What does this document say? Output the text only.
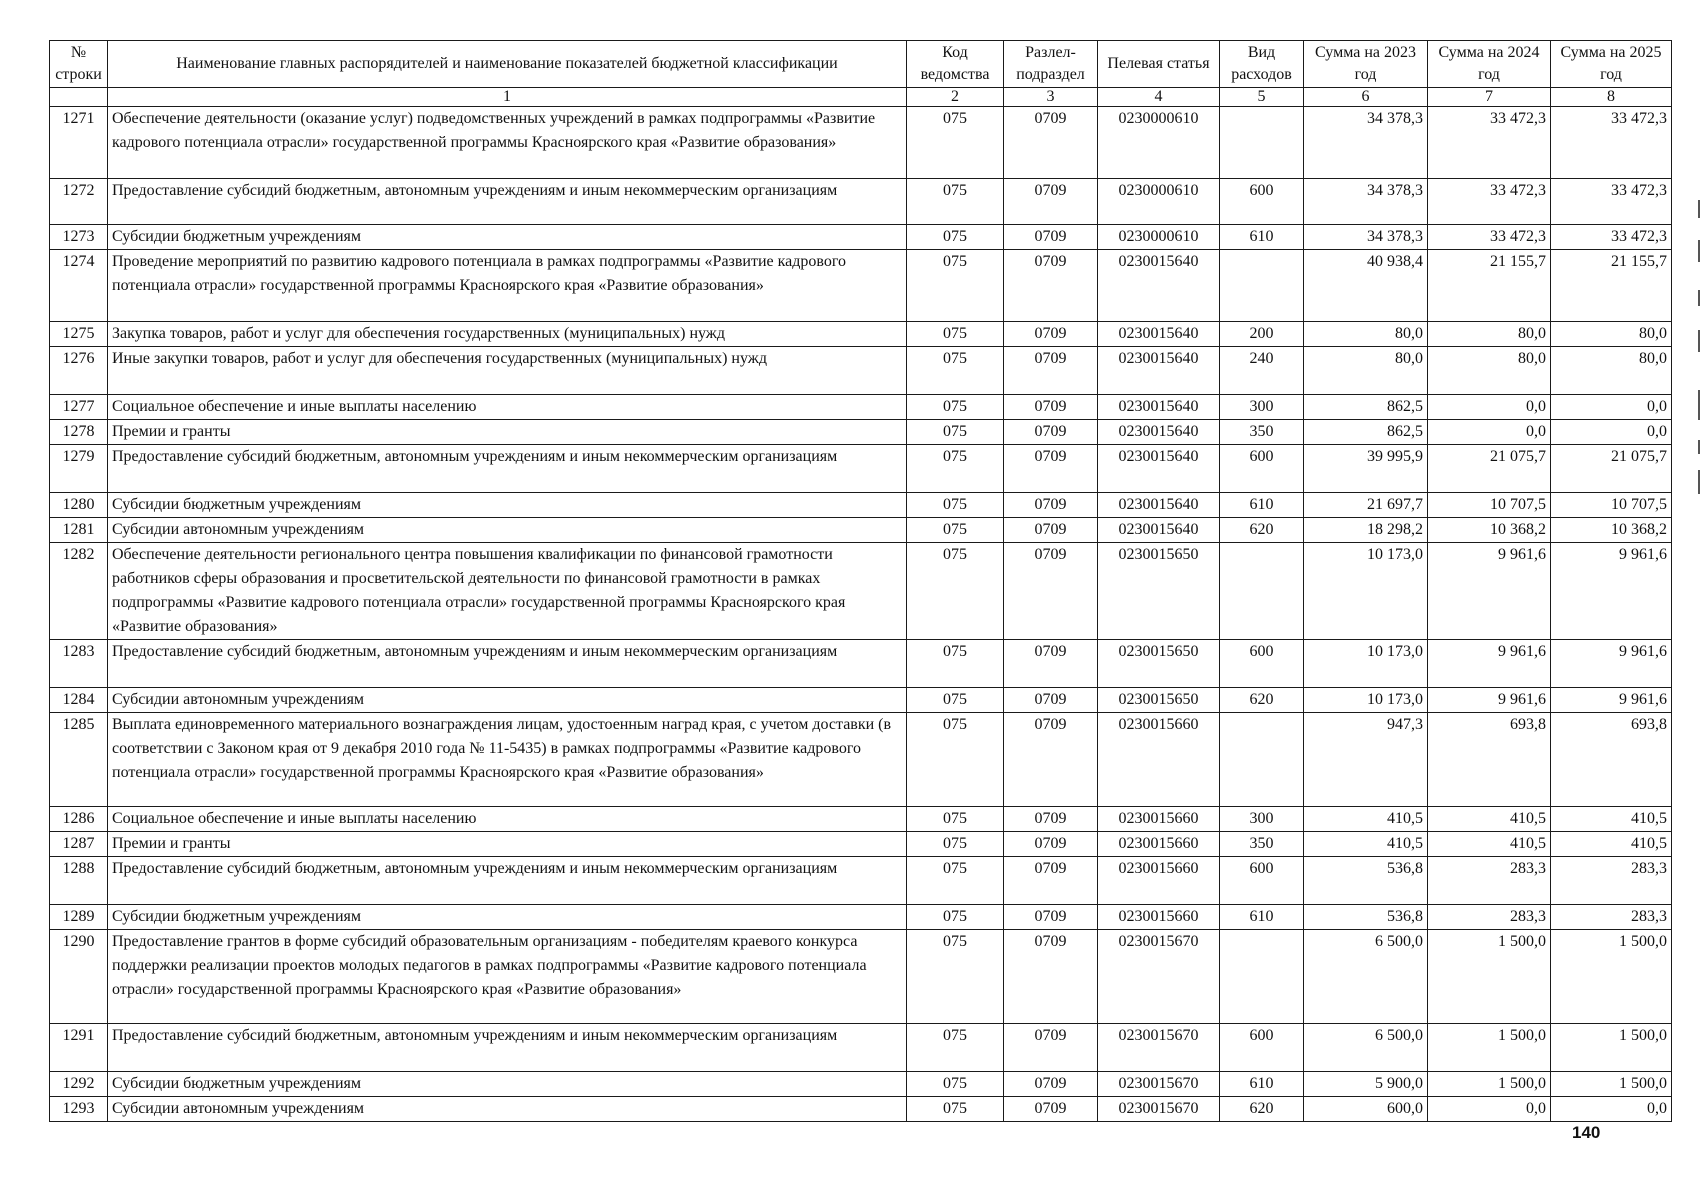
№ строки	Наименование главных распорядителей и наименование показателей бюджетной классификации	Код ведомства	Разлел- подраздел	Пелевая статья	Вид расходов	Сумма на 2023 год	Сумма на 2024 год	Сумма на 2025 год
	1	2	3	4	5	6	7	8
1271	Обеспечение деятельности (оказание услуг) подведомственных учреждений в рамках подпрограммы «Развитие кадрового потенциала отрасли» государственной программы Красноярского края «Развитие образования»	075	0709	0230000610		34 378,3	33 472,3	33 472,3
1272	Предоставление субсидий бюджетным, автономным учреждениям и иным некоммерческим организациям	075	0709	0230000610	600	34 378,3	33 472,3	33 472,3
1273	Субсидии бюджетным учреждениям	075	0709	0230000610	610	34 378,3	33 472,3	33 472,3
1274	Проведение мероприятий по развитию кадрового потенциала в рамках подпрограммы «Развитие кадрового потенциала отрасли» государственной программы Красноярского края «Развитие образования»	075	0709	0230015640		40 938,4	21 155,7	21 155,7
1275	Закупка товаров, работ и услуг для обеспечения государственных (муниципальных) нужд	075	0709	0230015640	200	80,0	80,0	80,0
1276	Иные закупки товаров, работ и услуг для обеспечения государственных (муниципальных) нужд	075	0709	0230015640	240	80,0	80,0	80,0
1277	Социальное обеспечение и иные выплаты населению	075	0709	0230015640	300	862,5	0,0	0,0
1278	Премии и гранты	075	0709	0230015640	350	862,5	0,0	0,0
1279	Предоставление субсидий бюджетным, автономным учреждениям и иным некоммерческим организациям	075	0709	0230015640	600	39 995,9	21 075,7	21 075,7
1280	Субсидии бюджетным учреждениям	075	0709	0230015640	610	21 697,7	10 707,5	10 707,5
1281	Субсидии автономным учреждениям	075	0709	0230015640	620	18 298,2	10 368,2	10 368,2
1282	Обеспечение деятельности регионального центра повышения квалификации по финансовой грамотности работников сферы образования и просветительской деятельности по финансовой грамотности в рамках подпрограммы «Развитие кадрового потенциала отрасли» государственной программы Красноярского края «Развитие образования»	075	0709	0230015650		10 173,0	9 961,6	9 961,6
1283	Предоставление субсидий бюджетным, автономным учреждениям и иным некоммерческим организациям	075	0709	0230015650	600	10 173,0	9 961,6	9 961,6
1284	Субсидии автономным учреждениям	075	0709	0230015650	620	10 173,0	9 961,6	9 961,6
1285	Выплата единовременного материального вознаграждения лицам, удостоенным наград края, с учетом доставки (в соответствии с Законом края от 9 декабря 2010 года № 11-5435) в рамках подпрограммы «Развитие кадрового потенциала отрасли» государственной программы Красноярского края «Развитие образования»	075	0709	0230015660		947,3	693,8	693,8
1286	Социальное обеспечение и иные выплаты населению	075	0709	0230015660	300	410,5	410,5	410,5
1287	Премии и гранты	075	0709	0230015660	350	410,5	410,5	410,5
1288	Предоставление субсидий бюджетным, автономным учреждениям и иным некоммерческим организациям	075	0709	0230015660	600	536,8	283,3	283,3
1289	Субсидии бюджетным учреждениям	075	0709	0230015660	610	536,8	283,3	283,3
1290	Предоставление грантов в форме субсидий образовательным организациям - победителям краевого конкурса поддержки реализации проектов молодых педагогов в рамках подпрограммы «Развитие кадрового потенциала отрасли» государственной программы Красноярского края «Развитие образования»	075	0709	0230015670		6 500,0	1 500,0	1 500,0
1291	Предоставление субсидий бюджетным, автономным учреждениям и иным некоммерческим организациям	075	0709	0230015670	600	6 500,0	1 500,0	1 500,0
1292	Субсидии бюджетным учреждениям	075	0709	0230015670	610	5 900,0	1 500,0	1 500,0
1293	Субсидии автономным учреждениям	075	0709	0230015670	620	600,0	0,0	0,0
140
